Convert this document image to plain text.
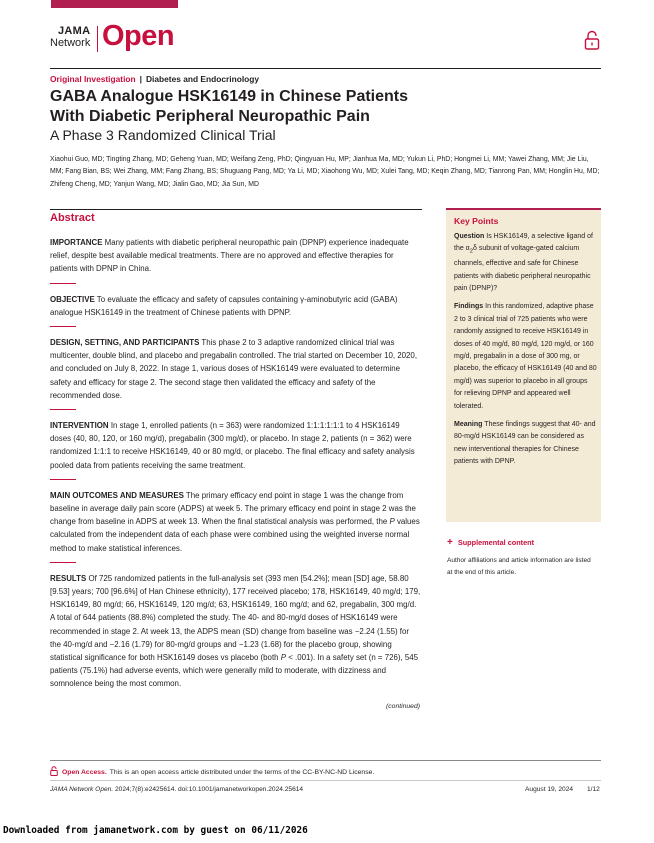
JAMA
Network Open
Original Investigation | Diabetes and Endocrinology
GABA Analogue HSK16149 in Chinese Patients
With Diabetic Peripheral Neuropathic Pain
A Phase 3 Randomized Clinical Trial
Xiaohui Guo, MD; Tingting Zhang, MD; Geheng Yuan, MD; Weifang Zeng, PhD; Qingyuan Hu, MP; Jianhua Ma, MD; Yukun Li, PhD; Hongmei Li, MM; Yawei Zhang, MM; Jie Liu, MM; Fang Bian, BS; Wei Zhang, MM; Fang Zhang, BS; Shuguang Pang, MD; Ya Li, MD; Xiaohong Wu, MD; Xulei Tang, MD; Keqin Zhang, MD; Tianrong Pan, MM; Honglin Hu, MD; Zhifeng Cheng, MD; Yanjun Wang, MD; Jialin Gao, MD; Jia Sun, MD
Abstract

IMPORTANCE Many patients with diabetic peripheral neuropathic pain (DPNP) experience inadequate relief, despite best available medical treatments. There are no approved and effective therapies for patients with DPNP in China.

OBJECTIVE To evaluate the efficacy and safety of capsules containing γ-aminobutyric acid (GABA) analogue HSK16149 in the treatment of Chinese patients with DPNP.

DESIGN, SETTING, AND PARTICIPANTS This phase 2 to 3 adaptive randomized clinical trial was multicenter, double blind, and placebo and pregabalin controlled. The trial started on December 10, 2020, and concluded on July 8, 2022. In stage 1, various doses of HSK16149 were evaluated to determine safety and efficacy for stage 2. The second stage then validated the efficacy and safety of the recommended dose.

INTERVENTION In stage 1, enrolled patients (n = 363) were randomized 1:1:1:1:1:1 to 4 HSK16149 doses (40, 80, 120, or 160 mg/d), pregabalin (300 mg/d), or placebo. In stage 2, patients (n = 362) were randomized 1:1:1 to receive HSK16149, 40 or 80 mg/d, or placebo. The final efficacy and safety analysis pooled data from patients receiving the same treatment.

MAIN OUTCOMES AND MEASURES The primary efficacy end point in stage 1 was the change from baseline in average daily pain score (ADPS) at week 5. The primary efficacy end point in stage 2 was the change from baseline in ADPS at week 13. When the final statistical analysis was performed, the P values calculated from the independent data of each phase were combined using the weighted inverse normal method to make statistical inferences.

RESULTS Of 725 randomized patients in the full-analysis set (393 men [54.2%]; mean [SD] age, 58.80 [9.53] years; 700 [96.6%] of Han Chinese ethnicity), 177 received placebo; 178, HSK16149, 40 mg/d; 179, HSK16149, 80 mg/d; 66, HSK16149, 120 mg/d; 63, HSK16149, 160 mg/d; and 62, pregabalin, 300 mg/d. A total of 644 patients (88.8%) completed the study. The 40- and 80-mg/d doses of HSK16149 were recommended in stage 2. At week 13, the ADPS mean (SD) change from baseline was −2.24 (1.55) for the 40-mg/d and −2.16 (1.79) for 80-mg/d groups and −1.23 (1.68) for the placebo group, showing statistical significance for both HSK16149 doses vs placebo (both P < .001). In a safety set (n = 726), 545 patients (75.1%) had adverse events, which were generally mild to moderate, with dizziness and somnolence being the most common.

(continued)
Key Points

Question Is HSK16149, a selective ligand of the $\alpha_2\delta$ subunit of voltage-gated calcium channels, effective and safe for Chinese patients with diabetic peripheral neuropathic pain (DPNP)?

Findings In this randomized, adaptive phase 2 to 3 clinical trial of 725 patients who were randomly assigned to receive HSK16149 in doses of 40 mg/d, 80 mg/d, 120 mg/d, or 160 mg/d, pregabalin in a dose of 300 mg, or placebo, the efficacy of HSK16149 (40 and 80 mg/d) was superior to placebo in all groups for relieving DPNP and appeared well tolerated.

Meaning These findings suggest that 40- and 80-mg/d HSK16149 can be considered as new interventional therapies for Chinese patients with DPNP.

+ Supplemental content
Author affiliations and article information are listed at the end of this article.
Open Access. This is an open access article distributed under the terms of the CC-BY-NC-ND License.
JAMA Network Open. 2024;7(8):e2425614. doi:10.1001/jamanetworkopen.2024.25614	August 19, 2024 1/12
Downloaded from jamanetwork.com by guest on 06/11/2026
